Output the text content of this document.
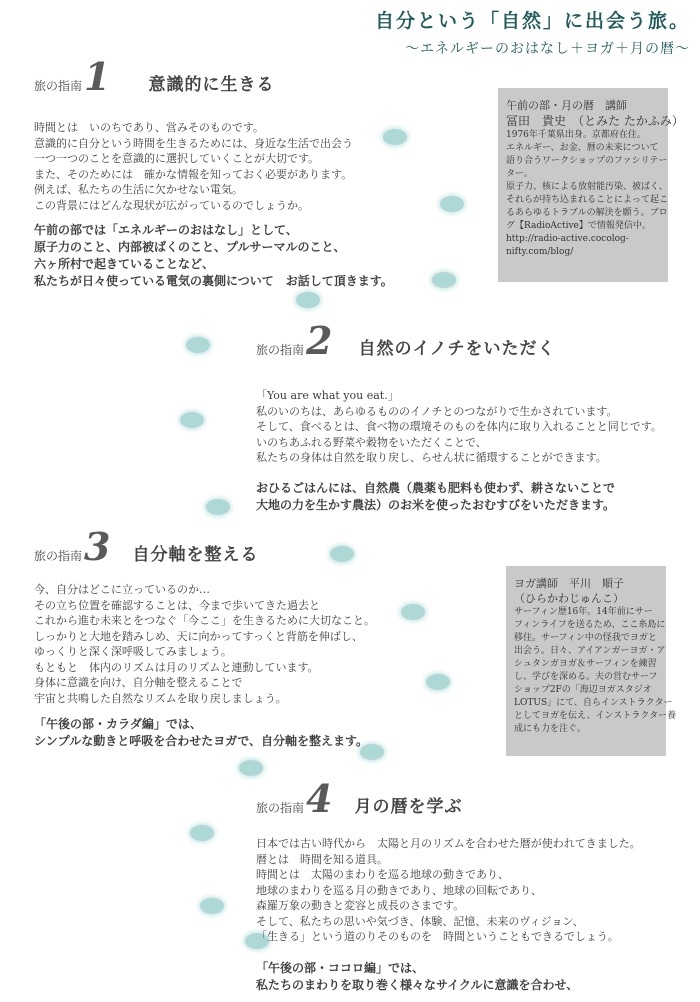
自分という「自然」に出会う旅。
〜エネルギーのおはなし＋ヨガ＋月の暦〜
旅の指南 1 意識的に生きる

時間とは　いのちであり、営みそのものです。

意識的に自分という時間を生きるためには、身近な生活で出会う

一つ一つのことを意識的に選択していくことが大切です。

また、そのためには　確かな情報を知っておく必要があります。

例えば、私たちの生活に欠かせない電気。

この背景にはどんな現状が広がっているのでしょうか。

午前の部では「エネルギーのおはなし」として、

原子力のこと、内部被ばくのこと、プルサーマルのこと、

六ヶ所村で起きていることなど、

私たちが日々使っている電気の裏側について　お話して頂きます。

午前の部・月の暦　講師
冨田　貴史　（とみた たかふみ）

1976年千葉県出身。京都府在住。

エネルギー、お金、暦の未来について

語り合うワークショップのファシリテー

ター。

原子力、核による放射能汚染、被ばく、

それらが持ち込まれることによって起こ

るあらゆるトラブルの解決を願う。ブロ

グ【RadioActive】で情報発信中。

http://radio-active.cocolog-

nifty.com/blog/

旅の指南 2 自然のイノチをいただく

「You are what you eat.」

私のいのちは、あらゆるもののイノチとのつながりで生かされています。

そして、食べるとは、食べ物の環境そのものを体内に取り入れることと同じです。

いのちあふれる野菜や穀物をいただくことで、

私たちの身体は自然を取り戻し、らせん状に循環することができます。

おひるごはんには、自然農（農薬も肥料も使わず、耕さないことで

大地の力を生かす農法）のお米を使ったおむすびをいただきます。

旅の指南 3 自分軸を整える

今、自分はどこに立っているのか…

その立ち位置を確認することは、今まで歩いてきた過去と

これから進む未来とをつなぐ「今ここ」を生きるために大切なこと。

しっかりと大地を踏みしめ、天に向かってすっくと背筋を伸ばし、

ゆっくりと深く深呼吸してみましょう。

もともと　体内のリズムは月のリズムと連動しています。

身体に意識を向け、自分軸を整えることで

宇宙と共鳴した自然なリズムを取り戻しましょう。

「午後の部・カラダ編」では、

シンプルな動きと呼吸を合わせたヨガで、自分軸を整えます。

ヨガ講師　平川　順子
（ひらかわじゅんこ）

サーフィン歴16年。14年前にサー

フィンライフを送るため、ここ糸島に

移住。サーフィン中の怪我でヨガと

出会う。日々、アイアンガーヨガ・ア

シュタンガヨガ＆サーフィンを練習

し、学びを深める。夫の営むサーフ

ショップ2Fの「海辺ヨガスタジオ

LOTUS」にて、自らインストラクター

としてヨガを伝え、インストラクター養

成にも力を注ぐ。

旅の指南 4 月の暦を学ぶ

日本では古い時代から　太陽と月のリズムを合わせた暦が使われてきました。

暦とは　時間を知る道具。

時間とは　太陽のまわりを巡る地球の動きであり、

地球のまわりを巡る月の動きであり、地球の回転であり、

森羅万象の動きと変容と成長のさまです。

そして、私たちの思いや気づき、体験、記憶、未来のヴィジョン、

「生きる」という道のりそのものを　時間ということもできるでしょう。

「午後の部・ココロ編」では、

私たちのまわりを取り巻く様々なサイクルに意識を合わせ、
